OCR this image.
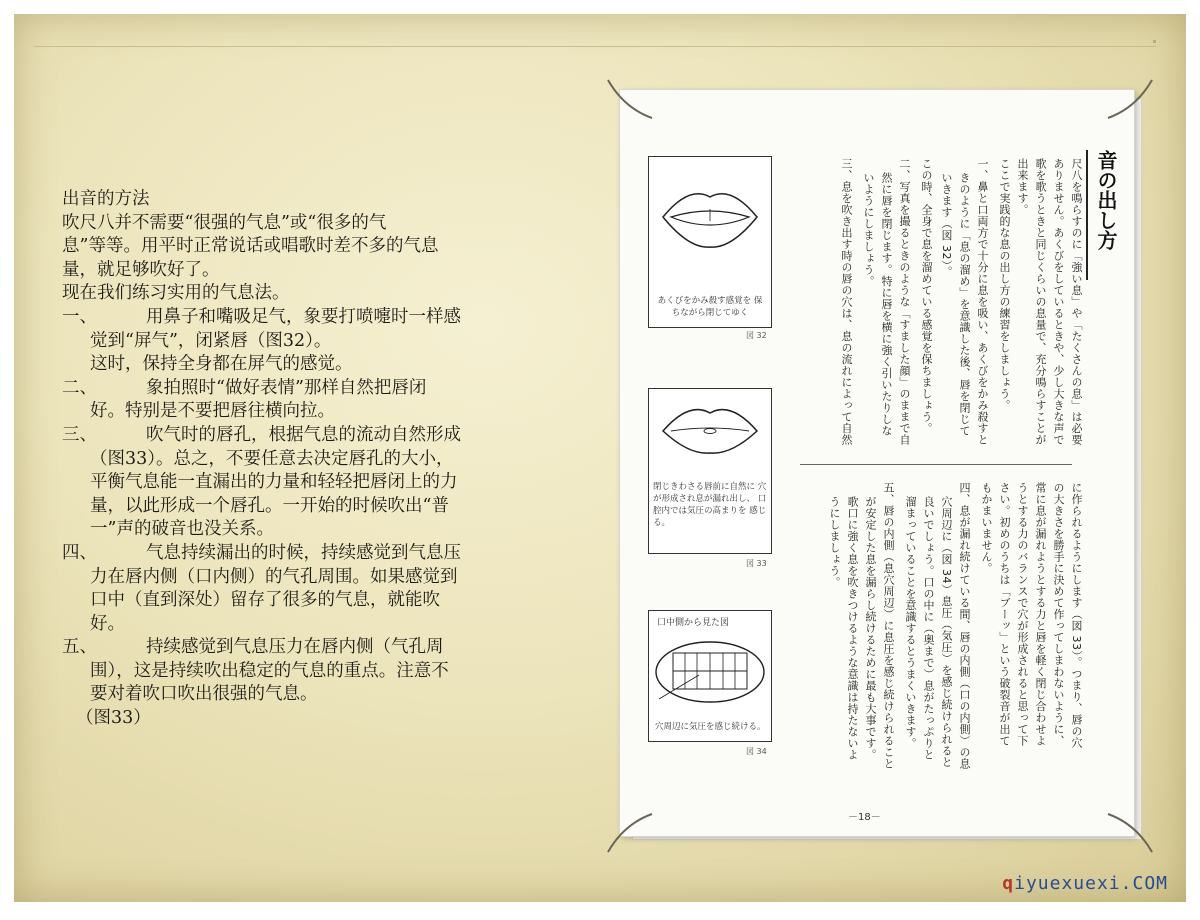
出音的方法

吹尺八并不需要“很强的气息”或“很多的气

息”等等。用平时正常说话或唱歌时差不多的气息

量，就足够吹好了。

现在我们练习实用的气息法。

一、	用鼻子和嘴吸足气，象要打喷嚏时一样感

觉到“屏气”，闭紧唇（图32）。

这时，保持全身都在屏气的感觉。

二、	象拍照时“做好表情”那样自然把唇闭

好。特别是不要把唇往横向拉。

三、	吹气时的唇孔，根据气息的流动自然形成

（图33）。总之，不要任意去决定唇孔的大小，

平衡气息能一直漏出的力量和轻轻把唇闭上的力

量，以此形成一个唇孔。一开始的时候吹出“普

一”声的破音也没关系。

四、	气息持续漏出的时候，持续感觉到气息压

力在唇内侧（口内侧）的气孔周围。如果感觉到

口中（直到深处）留存了很多的气息，就能吹

好。

五、	持续感觉到气息压力在唇内侧（气孔周

围），这是持续吹出稳定的气息的重点。注意不

要对着吹口吹出很强的气息。

（图33）

あくびをかみ殺す感覚を 保ちながら閉じてゆく
図 32
閉じきわさる唇前に自然に 穴が形成され息が漏れ出し、 口腔内では気圧の高まりを 感じる。
図 33
口中側から見た図
穴周辺に気圧を感じ続ける。
図 34
音の出し方
尺八を鳴らすのに「強い息」や「たくさんの息」は必要
ありません。あくびをしているときや、少し大きな声で
歌を歌うときと同じくらいの息量で、充分鳴らすことが
出来ます。
ここで実践的な息の出し方の練習をしましょう。
一、鼻と口両方で十分に息を吸い、あくびをかみ殺すと
きのように「息の溜め」を意識した後、唇を閉じて
いきます（図 32）。
この時、全身で息を溜めている感覚を保ちましょう。
二、写真を撮るときのような「すました顔」のままで自
然に唇を閉じます。特に唇を横に強く引いたりしな
いようにしましょう。
三、息を吹き出す時の唇の穴は、息の流れによって自然
に作られるようにします（図 33）。つまり、唇の穴
の大きさを勝手に決めて作ってしまわないように、
常に息が漏れようとする力と唇を軽く閉じ合わせよ
うとする力のバランスで穴が形成されると思って下
さい。初めのうちは「ブーッ」という破裂音が出て
もかまいません。
四、息が漏れ続けている間、唇の内側（口の内側）の息
穴周辺に（図 34）息圧（気圧）を感じ続けられると
良いでしょう。口の中に（奥まで）息がたっぷりと
溜まっていることを意識するとうまくいきます。
五、唇の内側（息穴周辺）に息圧を感じ続けられること
が安定した息を漏らし続けるために最も大事です。
歌口に強く息を吹きつけるような意識は持たないよ
うにしましょう。
－18－
qiyuexuexi.COM
